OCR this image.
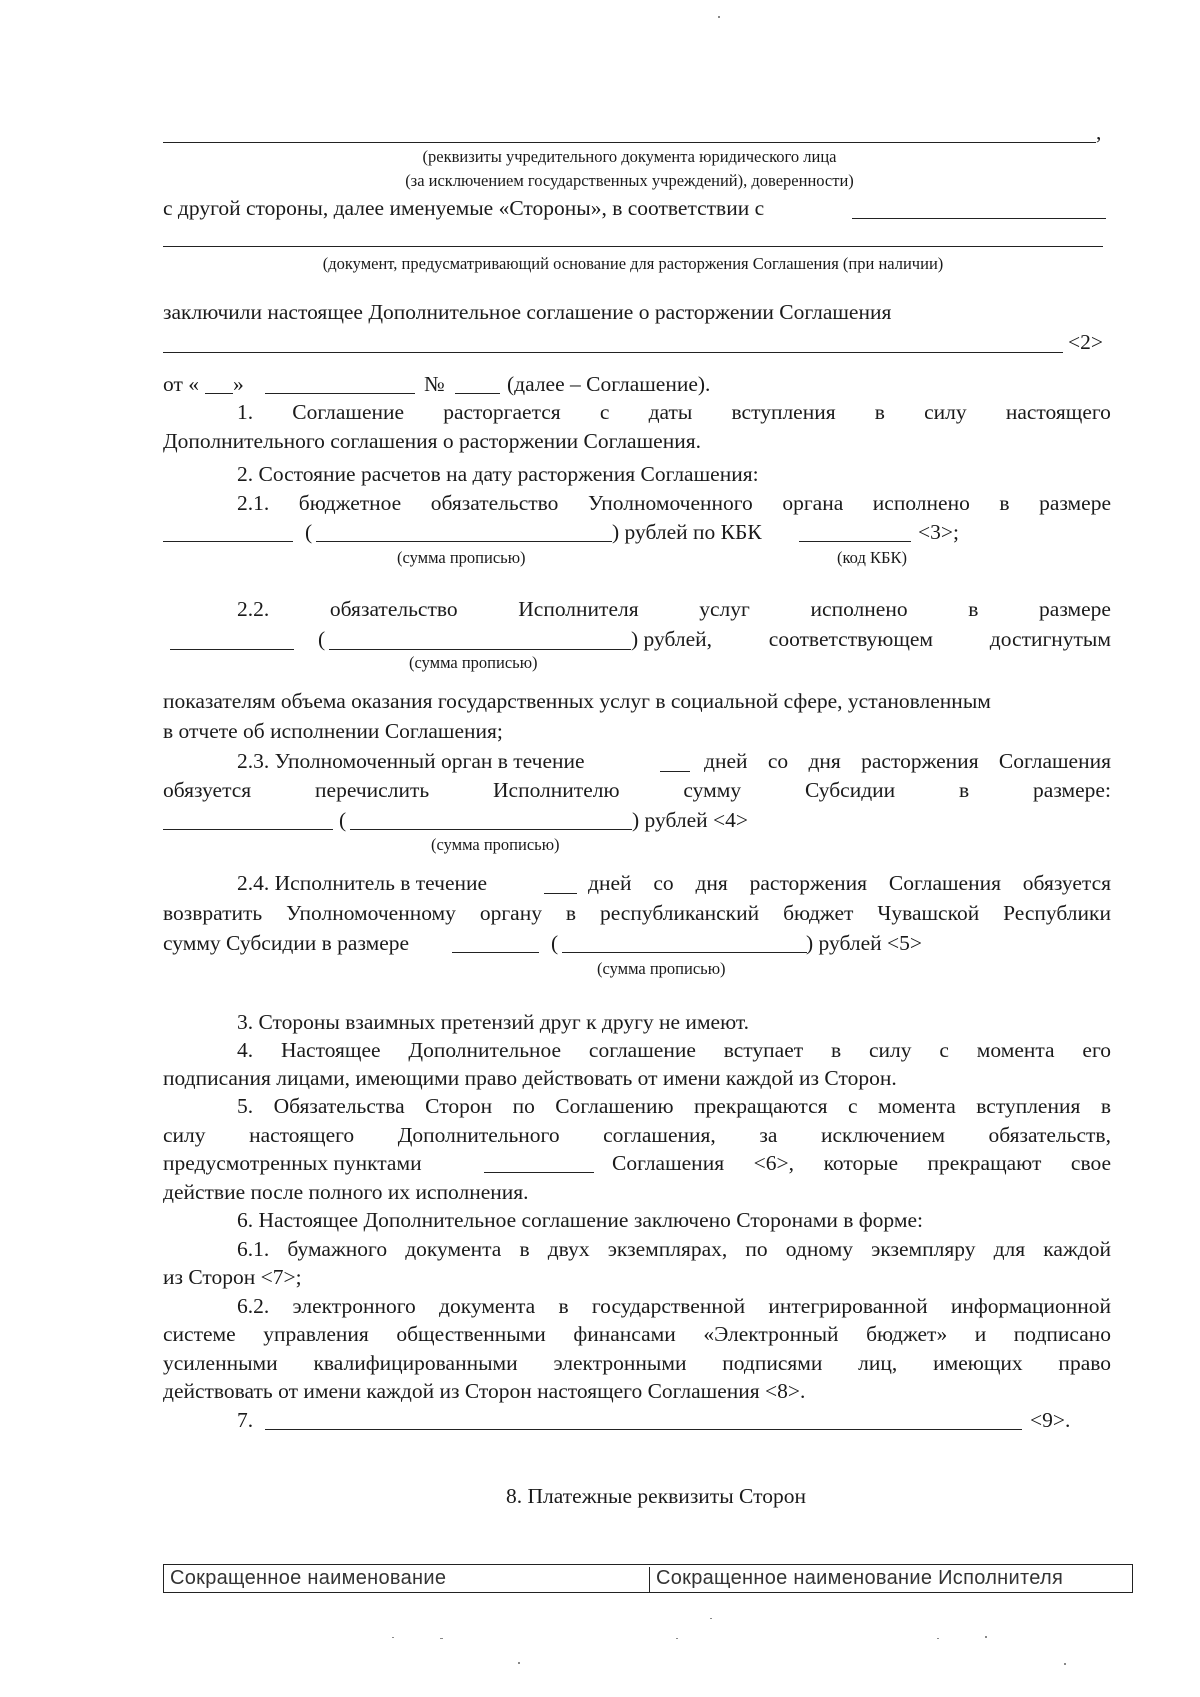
,
(реквизиты учредительного документа юридического лица
(за исключением государственных учреждений), доверенности)
с другой стороны, далее именуемые «Стороны», в соответствии с
(документ, предусматривающий основание для расторжения Соглашения (при наличии)
заключили настоящее Дополнительное соглашение о расторжении Соглашения
<2>
от « »	№	(далее – Соглашение).
1. Соглашение расторгается с даты вступления в силу настоящего
Дополнительного соглашения о расторжении Соглашения.
2. Состояние расчетов на дату расторжения Соглашения:
2.1. бюджетное обязательство Уполномоченного органа исполнено в размере
(	) рублей по КБК	<3>;
(сумма прописью)	(код КБК)
2.2.	обязательство	Исполнителя	услуг	исполнено	в	размере
(	) рублей,	соответствующем	достигнутым
(сумма прописью)
показателям объема оказания государственных услуг в социальной сфере, установленным
в отчете об исполнении Соглашения;
2.3. Уполномоченный орган в течение	дней со дня расторжения Соглашения
обязуется	перечислить	Исполнителю	сумму	Субсидии	в	размере:
(	) рублей <4>
(сумма прописью)
2.4. Исполнитель в течение	дней со дня расторжения Соглашения обязуется
возвратить Уполномоченному органу в республиканский бюджет Чувашской Республики
сумму Субсидии в размере	(	) рублей <5>
(сумма прописью)
3. Стороны взаимных претензий друг к другу не имеют.
4. Настоящее Дополнительное соглашение вступает в силу с момента его
подписания лицами, имеющими право действовать от имени каждой из Сторон.
5. Обязательства Сторон по Соглашению прекращаются с момента вступления в
силу настоящего Дополнительного соглашения, за исключением обязательств,
предусмотренных пунктами	Соглашения <6>, которые прекращают свое
действие после полного их исполнения.
6. Настоящее Дополнительное соглашение заключено Сторонами в форме:
6.1. бумажного документа в двух экземплярах, по одному экземпляру для каждой
из Сторон <7>;
6.2. электронного документа в государственной интегрированной информационной
системе управления общественными финансами «Электронный бюджет» и подписано
усиленными квалифицированными электронными подписями лиц, имеющих право
действовать от имени каждой из Сторон настоящего Соглашения <8>.
7.	<9>.
8. Платежные реквизиты Сторон
Сокращенное наименование	Сокращенное наименование Исполнителя
